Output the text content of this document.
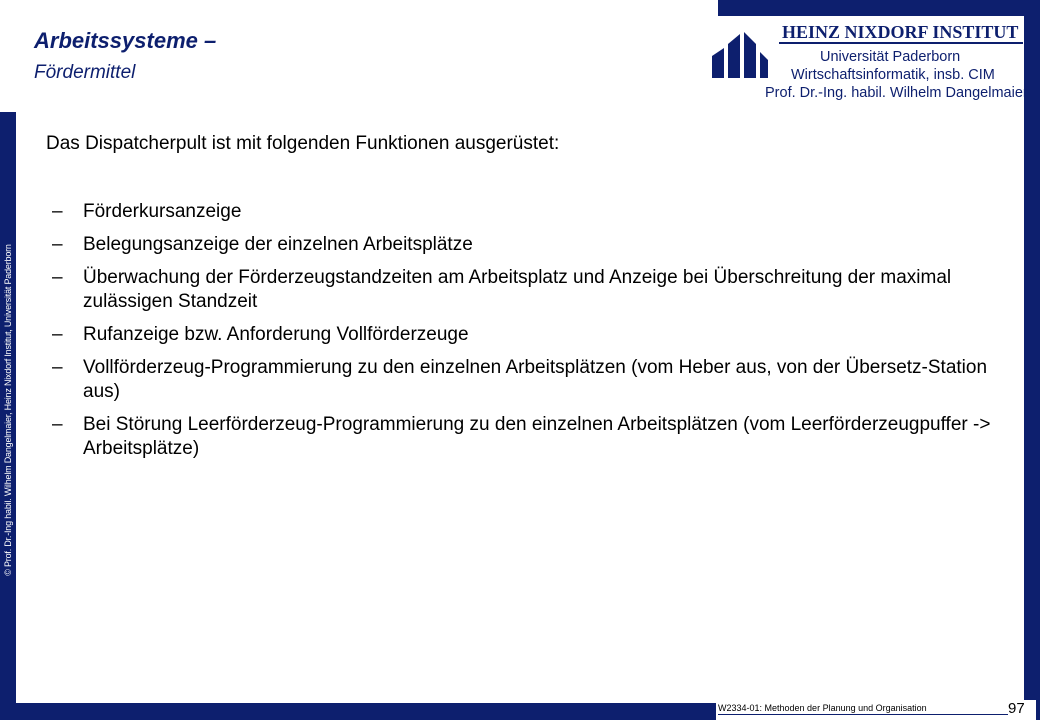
© Prof. Dr.-Ing habil. Wilhelm Dangelmaier, Heinz Nixdorf Institut, Universität Paderborn
Arbeitssysteme –
Fördermittel
HEINZ NIXDORF INSTITUT
Universität Paderborn
Wirtschaftsinformatik, insb. CIM
Prof. Dr.-Ing. habil. Wilhelm Dangelmaier
Das Dispatcherpult ist mit folgenden Funktionen ausgerüstet:
– Förderkursanzeige
– Belegungsanzeige der einzelnen Arbeitsplätze
– Überwachung der Förderzeugstandzeiten am Arbeitsplatz und Anzeige bei Überschreitung der maximal zulässigen Standzeit
– Rufanzeige bzw. Anforderung Vollförderzeuge
– Vollförderzeug-Programmierung zu den einzelnen Arbeitsplätzen (vom Heber aus, von der Übersetz-Station aus)
– Bei Störung Leerförderzeug-Programmierung zu den einzelnen Arbeitsplätzen (vom Leerförderzeugpuffer -> Arbeitsplätze)
W2334-01: Methoden der Planung und Organisation	97
